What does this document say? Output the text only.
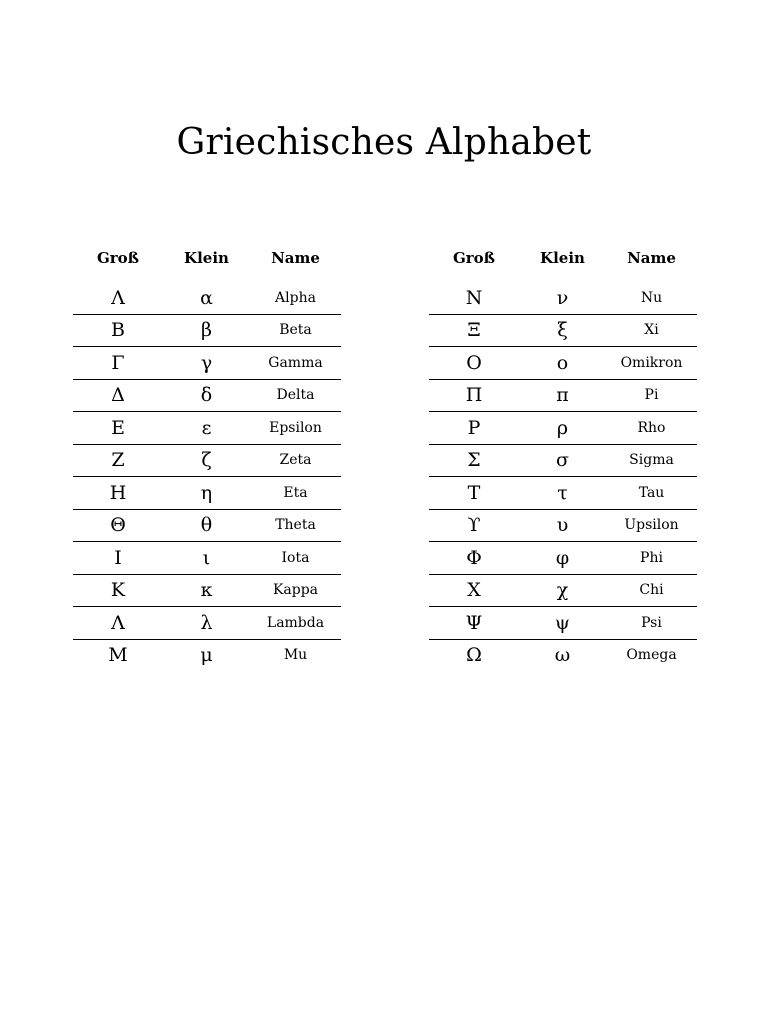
Griechisches Alphabet
Groß	Klein	Name
Λ	α	Alpha
Β	β	Beta
Γ	γ	Gamma
Δ	δ	Delta
Ε	ε	Epsilon
Ζ	ζ	Zeta
Η	η	Eta
Θ	θ	Theta
Ι	ι	Iota
Κ	κ	Kappa
Λ	λ	Lambda
Μ	μ	Mu
Groß	Klein	Name
Ν	ν	Nu
Ξ	ξ	Xi
Ο	ο	Omikron
Π	π	Pi
Ρ	ρ	Rho
Σ	σ	Sigma
Τ	τ	Tau
ϒ	υ	Upsilon
Φ	φ	Phi
Χ	χ	Chi
Ψ	ψ	Psi
Ω	ω	Omega
